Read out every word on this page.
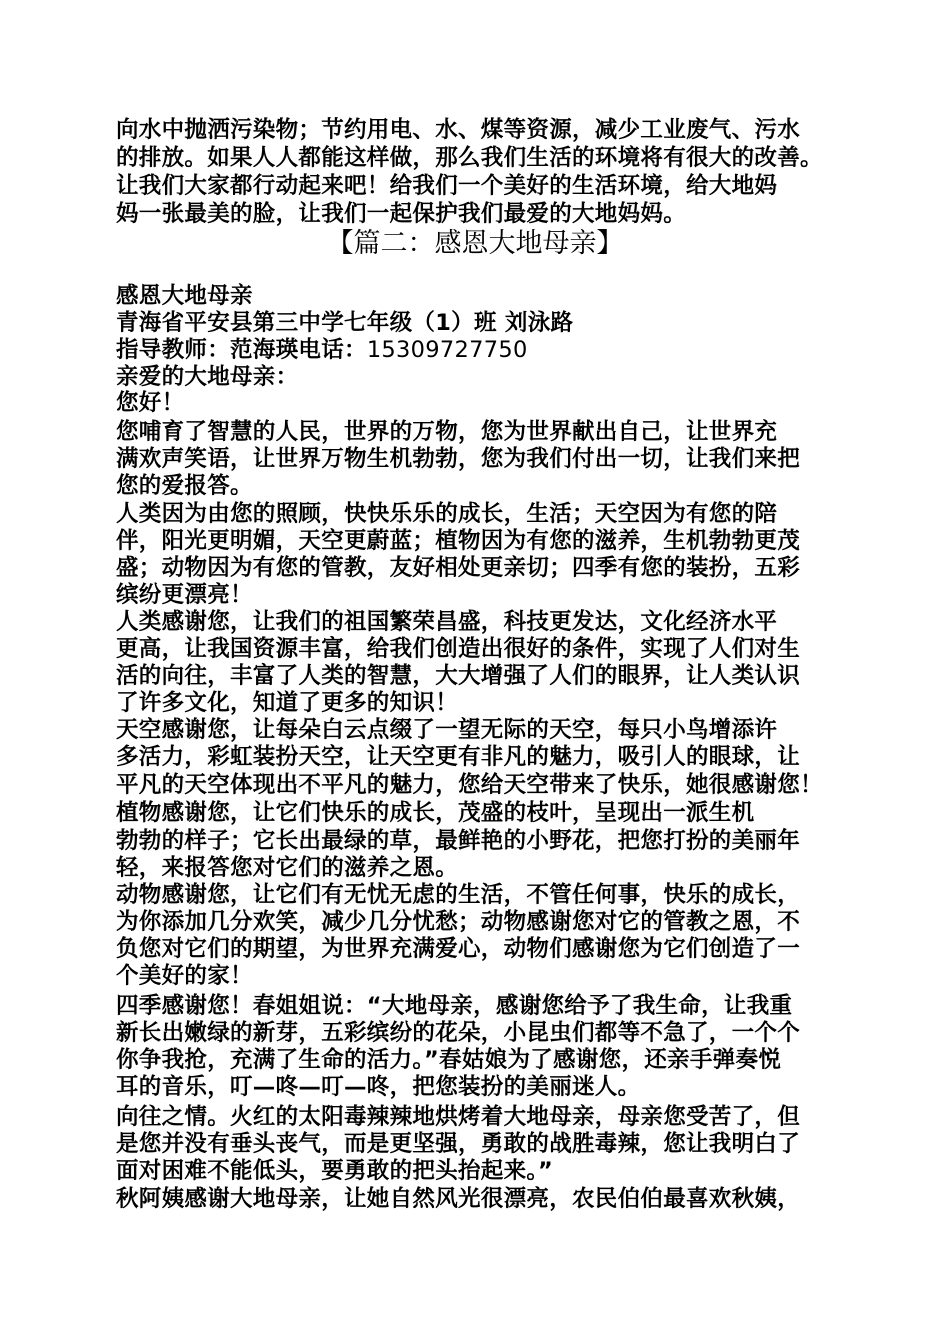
向水中抛洒污染物；节约用电、水、煤等资源，减少工业废气、污水
的排放。如果人人都能这样做，那么我们生活的环境将有很大的改善。
让我们大家都行动起来吧！给我们一个美好的生活环境，给大地妈
妈一张最美的脸，让我们一起保护我们最爱的大地妈妈。
【篇二：感恩大地母亲】
感恩大地母亲
青海省平安县第三中学七年级（1）班 刘泳路
指导教师：范海瑛电话：15309727750
亲爱的大地母亲：
您好！
您哺育了智慧的人民，世界的万物，您为世界献出自己，让世界充
满欢声笑语，让世界万物生机勃勃，您为我们付出一切，让我们来把
您的爱报答。
人类因为由您的照顾，快快乐乐的成长，生活；天空因为有您的陪
伴，阳光更明媚，天空更蔚蓝；植物因为有您的滋养，生机勃勃更茂
盛；动物因为有您的管教，友好相处更亲切；四季有您的装扮，五彩
缤纷更漂亮！
人类感谢您，让我们的祖国繁荣昌盛，科技更发达，文化经济水平
更高，让我国资源丰富，给我们创造出很好的条件，实现了人们对生
活的向往，丰富了人类的智慧，大大增强了人们的眼界，让人类认识
了许多文化，知道了更多的知识！
天空感谢您，让每朵白云点缀了一望无际的天空，每只小鸟增添许
多活力，彩虹装扮天空，让天空更有非凡的魅力，吸引人的眼球，让
平凡的天空体现出不平凡的魅力，您给天空带来了快乐，她很感谢您！
植物感谢您，让它们快乐的成长，茂盛的枝叶，呈现出一派生机
勃勃的样子；它长出最绿的草，最鲜艳的小野花，把您打扮的美丽年
轻，来报答您对它们的滋养之恩。
动物感谢您，让它们有无忧无虑的生活，不管任何事，快乐的成长，
为你添加几分欢笑，减少几分忧愁；动物感谢您对它的管教之恩，不
负您对它们的期望，为世界充满爱心，动物们感谢您为它们创造了一
个美好的家！
四季感谢您！春姐姐说：“大地母亲，感谢您给予了我生命，让我重
新长出嫩绿的新芽，五彩缤纷的花朵，小昆虫们都等不急了，一个个
你争我抢，充满了生命的活力。”春姑娘为了感谢您，还亲手弹奏悦
耳的音乐，叮—咚—叮—咚，把您装扮的美丽迷人。
向往之情。火红的太阳毒辣辣地烘烤着大地母亲，母亲您受苦了，但
是您并没有垂头丧气，而是更坚强，勇敢的战胜毒辣，您让我明白了
面对困难不能低头，要勇敢的把头抬起来。”
秋阿姨感谢大地母亲，让她自然风光很漂亮，农民伯伯最喜欢秋姨，
